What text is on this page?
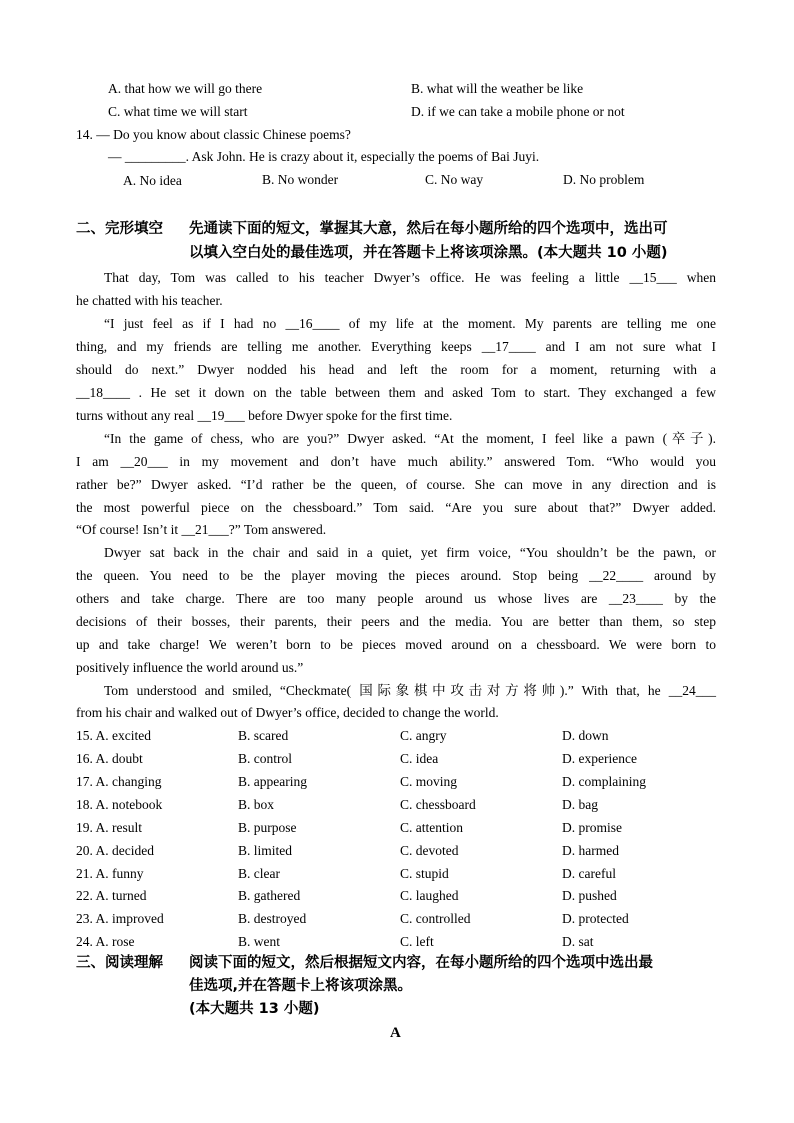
A. that how we will go there	B. what will the weather be like
C. what time we will start	D. if we can take a mobile phone or not
14. — Do you know about classic Chinese poems?
— _________. Ask John. He is crazy about it, especially the poems of Bai Juyi.
A. No idea	B. No wonder	C. No way	D. No problem
二、完形填空 先通读下面的短文，掌握其大意，然后在每小题所给的四个选项中，选出可
以填入空白处的最佳选项，并在答题卡上将该项涂黑。(本大题共 10 小题)
That day, Tom was called to his teacher Dwyer’s office. He was feeling a little __15___ when
he chatted with his teacher.
“I just feel as if I had no __16____ of my life at the moment. My parents are telling me one
thing, and my friends are telling me another. Everything keeps __17____ and I am not sure what I
should do next.” Dwyer nodded his head and left the room for a moment, returning with a
__18____ . He set it down on the table between them and asked Tom to start. They exchanged a few
turns without any real __19___ before Dwyer spoke for the first time.
“In the game of chess, who are you?” Dwyer asked. “At the moment, I feel like a pawn (卒子).
I am __20___ in my movement and don’t have much ability.” answered Tom. “Who would you
rather be?” Dwyer asked. “I’d rather be the queen, of course. She can move in any direction and is
the most powerful piece on the chessboard.” Tom said. “Are you sure about that?” Dwyer added.
“Of course! Isn’t it __21___?” Tom answered.
Dwyer sat back in the chair and said in a quiet, yet firm voice, “You shouldn’t be the pawn, or
the queen. You need to be the player moving the pieces around. Stop being __22____ around by
others and take charge. There are too many people around us whose lives are __23____ by the
decisions of their bosses, their parents, their peers and the media. You are better than them, so step
up and take charge! We weren’t born to be pieces moved around on a chessboard. We were born to
positively influence the world around us.”
Tom understood and smiled, “Checkmate( 国际象棋中攻击对方将帅).” With that, he __24___
from his chair and walked out of Dwyer’s office, decided to change the world.
15. A. excited	B. scared	C. angry	D. down
16. A. doubt	B. control	C. idea	D. experience
17. A. changing	B. appearing	C. moving	D. complaining
18. A. notebook	B. box	C. chessboard	D. bag
19. A. result	B. purpose	C. attention	D. promise
20. A. decided	B. limited	C. devoted	D. harmed
21. A. funny	B. clear	C. stupid	D. careful
22. A. turned	B. gathered	C. laughed	D. pushed
23. A. improved	B. destroyed	C. controlled	D. protected
24. A. rose	B. went	C. left	D. sat
三、阅读理解 阅读下面的短文，然后根据短文内容，在每小题所给的四个选项中选出最
佳选项,并在答题卡上将该项涂黑。
(本大题共 13 小题)
A
